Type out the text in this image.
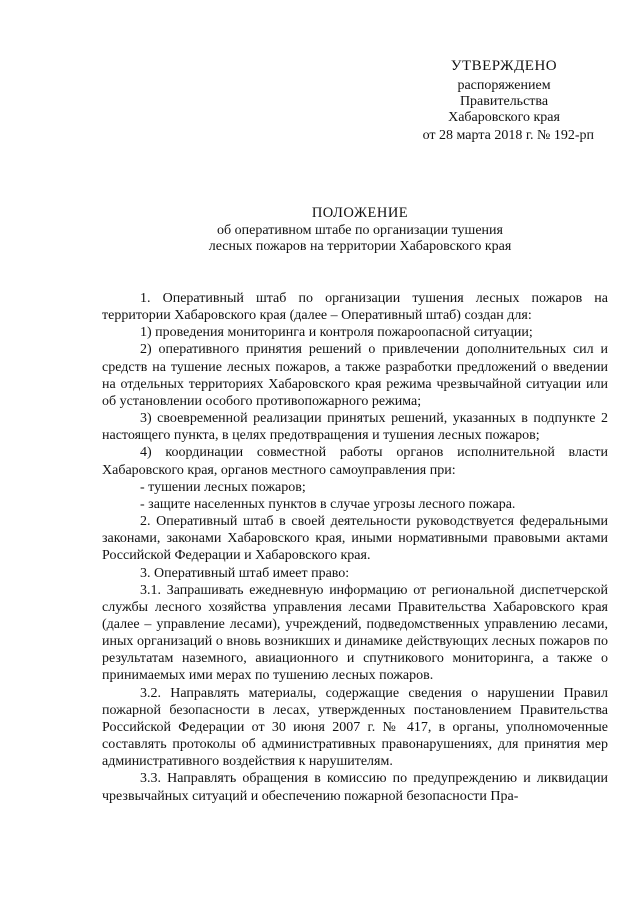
УТВЕРЖДЕНО
распоряжением
Правительства
Хабаровского края
от 28 марта 2018 г. № 192-рп
ПОЛОЖЕНИЕ
об оперативном штабе по организации тушения
лесных пожаров на территории Хабаровского края

1. Оперативный штаб по организации тушения лесных пожаров на территории Хабаровского края (далее – Оперативный штаб) создан для:

1) проведения мониторинга и контроля пожароопасной ситуации;

2) оперативного принятия решений о привлечении дополнительных сил и средств на тушение лесных пожаров, а также разработки предложений о введении на отдельных территориях Хабаровского края режима чрезвычайной ситуации или об установлении особого противопожарного режима;

3) своевременной реализации принятых решений, указанных в подпункте 2 настоящего пункта, в целях предотвращения и тушения лесных пожаров;

4) координации совместной работы органов исполнительной власти Хабаровского края, органов местного самоуправления при:

- тушении лесных пожаров;

- защите населенных пунктов в случае угрозы лесного пожара.

2. Оперативный штаб в своей деятельности руководствуется федеральными законами, законами Хабаровского края, иными нормативными правовыми актами Российской Федерации и Хабаровского края.

3. Оперативный штаб имеет право:

3.1. Запрашивать ежедневную информацию от региональной диспетчерской службы лесного хозяйства управления лесами Правительства Хабаровского края (далее – управление лесами), учреждений, подведомственных управлению лесами, иных организаций о вновь возникших и динамике действующих лесных пожаров по результатам наземного, авиационного и спутникового мониторинга, а также о принимаемых ими мерах по тушению лесных пожаров.

3.2. Направлять материалы, содержащие сведения о нарушении Правил пожарной безопасности в лесах, утвержденных постановлением Правительства Российской Федерации от 30 июня 2007 г. № 417, в органы, уполномоченные составлять протоколы об административных правонарушениях, для принятия мер административного воздействия к нарушителям.

3.3. Направлять обращения в комиссию по предупреждению и ликвидации чрезвычайных ситуаций и обеспечению пожарной безопасности Пра-
